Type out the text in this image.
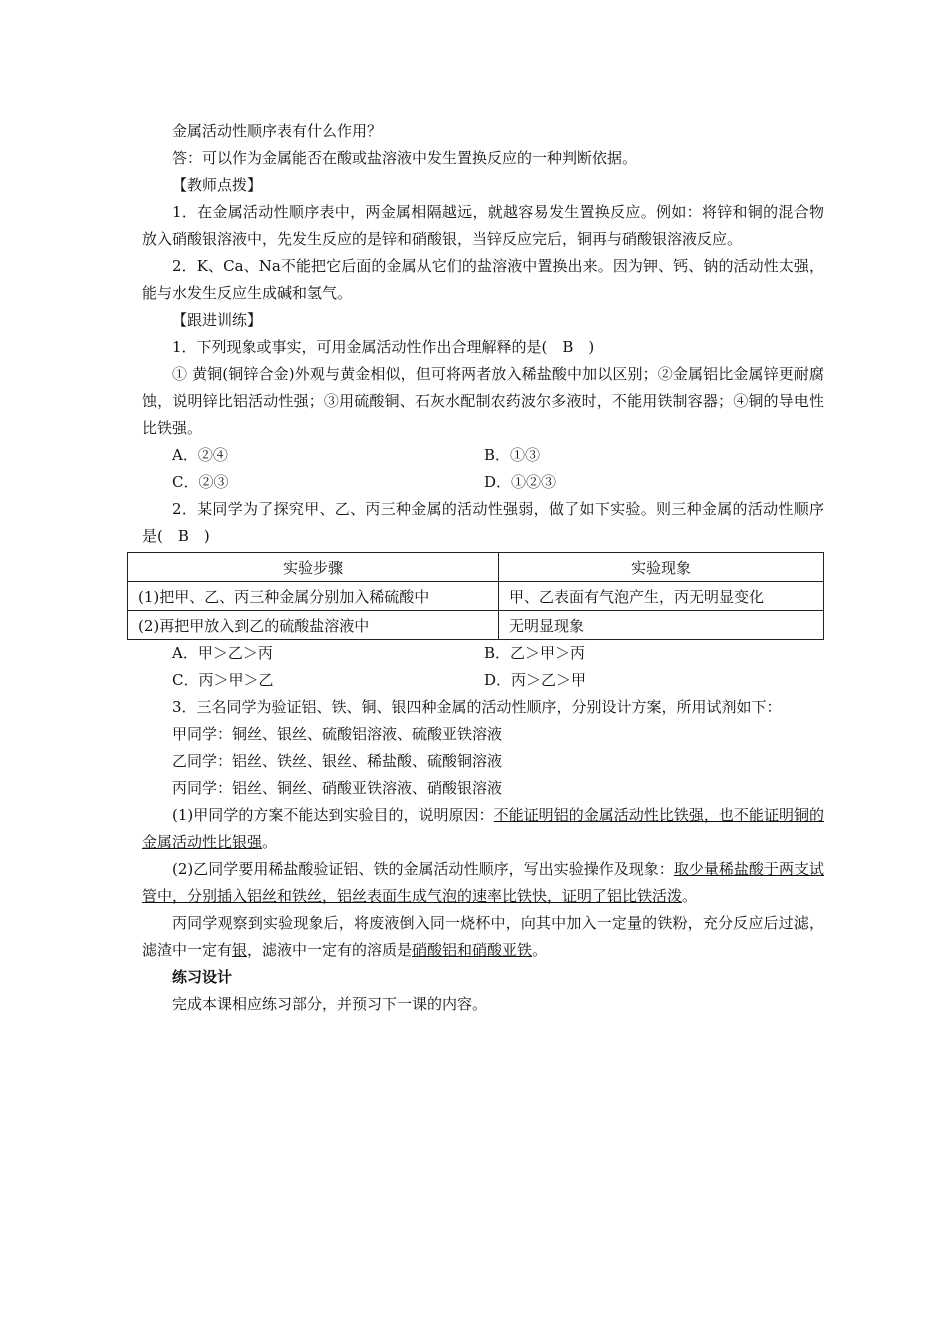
金属活动性顺序表有什么作用？

答：可以作为金属能否在酸或盐溶液中发生置换反应的一种判断依据。

【教师点拨】

1．在金属活动性顺序表中，两金属相隔越远，就越容易发生置换反应。例如：将锌和铜的混合物放入硝酸银溶液中，先发生反应的是锌和硝酸银，当锌反应完后，铜再与硝酸银溶液反应。

2．K、Ca、Na不能把它后面的金属从它们的盐溶液中置换出来。因为钾、钙、钠的活动性太强，能与水发生反应生成碱和氢气。

【跟进训练】

1．下列现象或事实，可用金属活动性作出合理解释的是(　B　)

① 黄铜(铜锌合金)外观与黄金相似，但可将两者放入稀盐酸中加以区别；②金属铝比金属锌更耐腐蚀，说明锌比铝活动性强；③用硫酸铜、石灰水配制农药波尔多液时，不能用铁制容器；④铜的导电性比铁强。

A．②④	B．①③
C．②③	D．①②③

2．某同学为了探究甲、乙、丙三种金属的活动性强弱，做了如下实验。则三种金属的活动性顺序是(　B　)

实验步骤	实验现象
(1)把甲、乙、丙三种金属分别加入稀硫酸中	甲、乙表面有气泡产生，丙无明显变化
(2)再把甲放入到乙的硫酸盐溶液中	无明显现象
A．甲＞乙＞丙	B．乙＞甲＞丙
C．丙＞甲＞乙	D．丙＞乙＞甲

3．三名同学为验证铝、铁、铜、银四种金属的活动性顺序，分别设计方案，所用试剂如下：

甲同学：铜丝、银丝、硫酸铝溶液、硫酸亚铁溶液

乙同学：铝丝、铁丝、银丝、稀盐酸、硫酸铜溶液

丙同学：铝丝、铜丝、硝酸亚铁溶液、硝酸银溶液

(1)甲同学的方案不能达到实验目的，说明原因：不能证明铝的金属活动性比铁强，也不能证明铜的金属活动性比银强。

(2)乙同学要用稀盐酸验证铝、铁的金属活动性顺序，写出实验操作及现象：取少量稀盐酸于两支试管中，分别插入铝丝和铁丝，铝丝表面生成气泡的速率比铁快，证明了铝比铁活泼。

丙同学观察到实验现象后，将废液倒入同一烧杯中，向其中加入一定量的铁粉，充分反应后过滤，滤渣中一定有银，滤液中一定有的溶质是硝酸铝和硝酸亚铁。

练习设计

完成本课相应练习部分，并预习下一课的内容。
